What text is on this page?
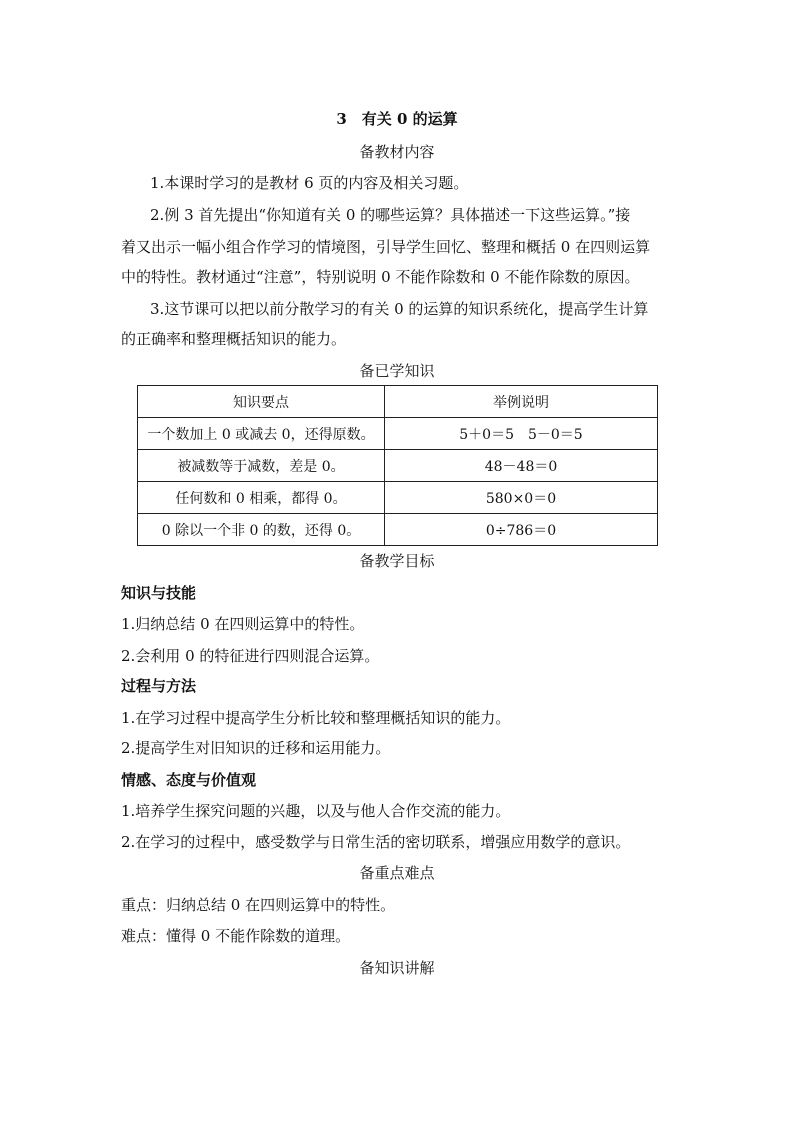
3　有关 0 的运算
备教材内容
1.本课时学习的是教材 6 页的内容及相关习题。
2.例 3 首先提出“你知道有关 0 的哪些运算？具体描述一下这些运算。”接
着又出示一幅小组合作学习的情境图，引导学生回忆、整理和概括 0 在四则运算
中的特性。教材通过“注意”，特别说明 0 不能作除数和 0 不能作除数的原因。
3.这节课可以把以前分散学习的有关 0 的运算的知识系统化，提高学生计算
的正确率和整理概括知识的能力。
备已学知识
知识要点	举例说明
一个数加上 0 或减去 0，还得原数。	5＋0＝5　5－0＝5
被减数等于减数，差是 0。	48－48＝0
任何数和 0 相乘，都得 0。	580×0＝0
0 除以一个非 0 的数，还得 0。	0÷786＝0
备教学目标
知识与技能
1.归纳总结 0 在四则运算中的特性。
2.会利用 0 的特征进行四则混合运算。
过程与方法
1.在学习过程中提高学生分析比较和整理概括知识的能力。
2.提高学生对旧知识的迁移和运用能力。
情感、态度与价值观
1.培养学生探究问题的兴趣，以及与他人合作交流的能力。
2.在学习的过程中，感受数学与日常生活的密切联系，增强应用数学的意识。
备重点难点
重点：归纳总结 0 在四则运算中的特性。
难点：懂得 0 不能作除数的道理。
备知识讲解
